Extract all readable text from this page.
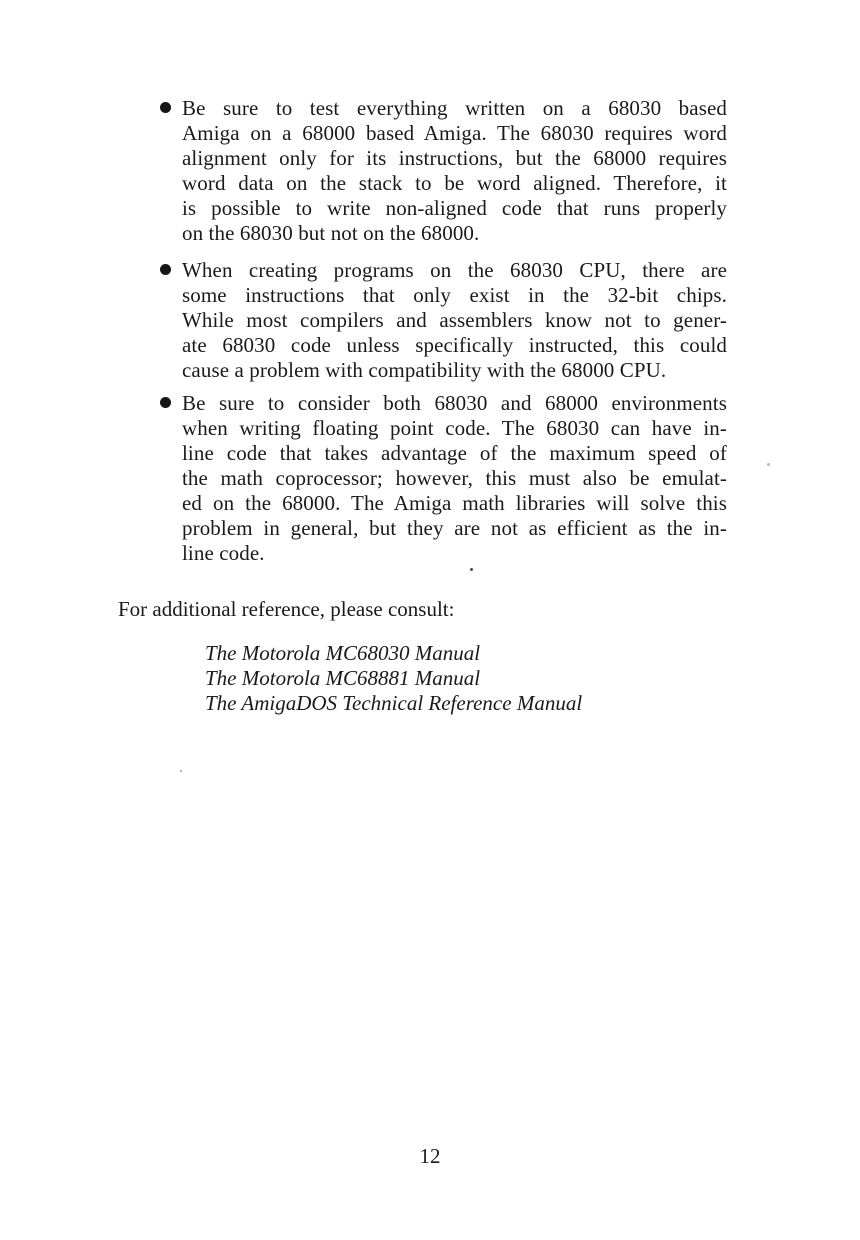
Be sure to test everything written on a 68030 based
Amiga on a 68000 based Amiga. The 68030 requires word
alignment only for its instructions, but the 68000 requires
word data on the stack to be word aligned. Therefore, it
is possible to write non-aligned code that runs properly
on the 68030 but not on the 68000.
When creating programs on the 68030 CPU, there are
some instructions that only exist in the 32-bit chips.
While most compilers and assemblers know not to gener-
ate 68030 code unless specifically instructed, this could
cause a problem with compatibility with the 68000 CPU.
Be sure to consider both 68030 and 68000 environments
when writing floating point code. The 68030 can have in-
line code that takes advantage of the maximum speed of
the math coprocessor; however, this must also be emulat-
ed on the 68000. The Amiga math libraries will solve this
problem in general, but they are not as efficient as the in-
line code.
For additional reference, please consult:
The Motorola MC68030 Manual
The Motorola MC68881 Manual
The AmigaDOS Technical Reference Manual
12
